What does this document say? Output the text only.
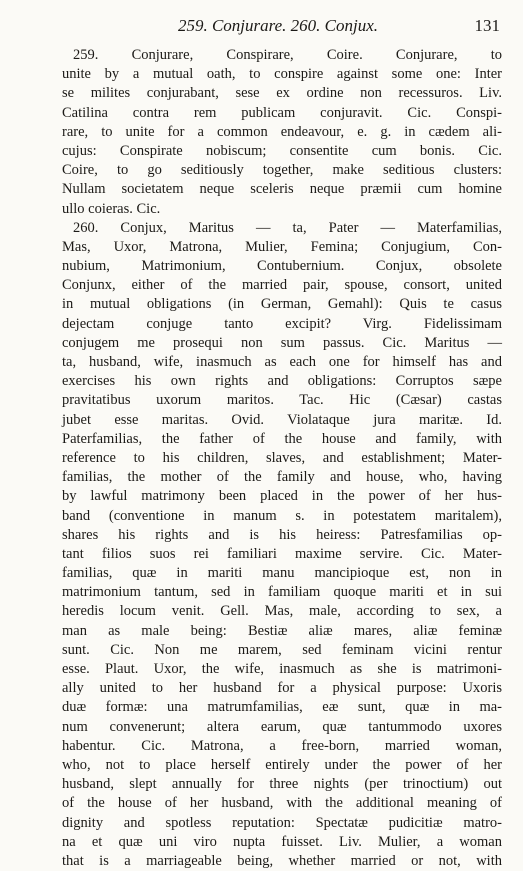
259. Conjurare. 260. Conjux.	131
259. Conjurare, Conspirare, Coire. Conjurare, to
unite by a mutual oath, to conspire against some one: Inter
se milites conjurabant, sese ex ordine non recessuros. Liv.
Catilina contra rem publicam conjuravit. Cic. Conspi-
rare, to unite for a common endeavour, e. g. in cædem ali-
cujus: Conspirate nobiscum; consentite cum bonis. Cic.
Coire, to go seditiously together, make seditious clusters:
Nullam societatem neque sceleris neque præmii cum homine
ullo coieras. Cic.
260. Conjux, Maritus — ta, Pater — Materfamilias,
Mas, Uxor, Matrona, Mulier, Femina; Conjugium, Con-
nubium, Matrimonium, Contubernium. Conjux, obsolete
Conjunx, either of the married pair, spouse, consort, united
in mutual obligations (in German, Gemahl): Quis te casus
dejectam conjuge tanto excipit? Virg. Fidelissimam
conjugem me prosequi non sum passus. Cic. Maritus —
ta, husband, wife, inasmuch as each one for himself has and
exercises his own rights and obligations: Corruptos sæpe
pravitatibus uxorum maritos. Tac. Hic (Cæsar) castas
jubet esse maritas. Ovid. Violataque jura maritæ. Id.
Paterfamilias, the father of the house and family, with
reference to his children, slaves, and establishment; Mater-
familias, the mother of the family and house, who, having
by lawful matrimony been placed in the power of her hus-
band (conventione in manum s. in potestatem maritalem),
shares his rights and is his heiress: Patresfamilias op-
tant filios suos rei familiari maxime servire. Cic. Mater-
familias, quæ in mariti manu mancipioque est, non in
matrimonium tantum, sed in familiam quoque mariti et in sui
heredis locum venit. Gell. Mas, male, according to sex, a
man as male being: Bestiæ aliæ mares, aliæ feminæ
sunt. Cic. Non me marem, sed feminam vicini rentur
esse. Plaut. Uxor, the wife, inasmuch as she is matrimoni-
ally united to her husband for a physical purpose: Uxoris
duæ formæ: una matrumfamilias, eæ sunt, quæ in ma-
num convenerunt; altera earum, quæ tantummodo uxores
habentur. Cic. Matrona, a free-born, married woman,
who, not to place herself entirely under the power of her
husband, slept annually for three nights (per trinoctium) out
of the house of her husband, with the additional meaning of
dignity and spotless reputation: Spectatæ pudicitiæ matro-
na et quæ uni viro nupta fuisset. Liv. Mulier, a woman
that is a marriageable being, whether married or not, with
